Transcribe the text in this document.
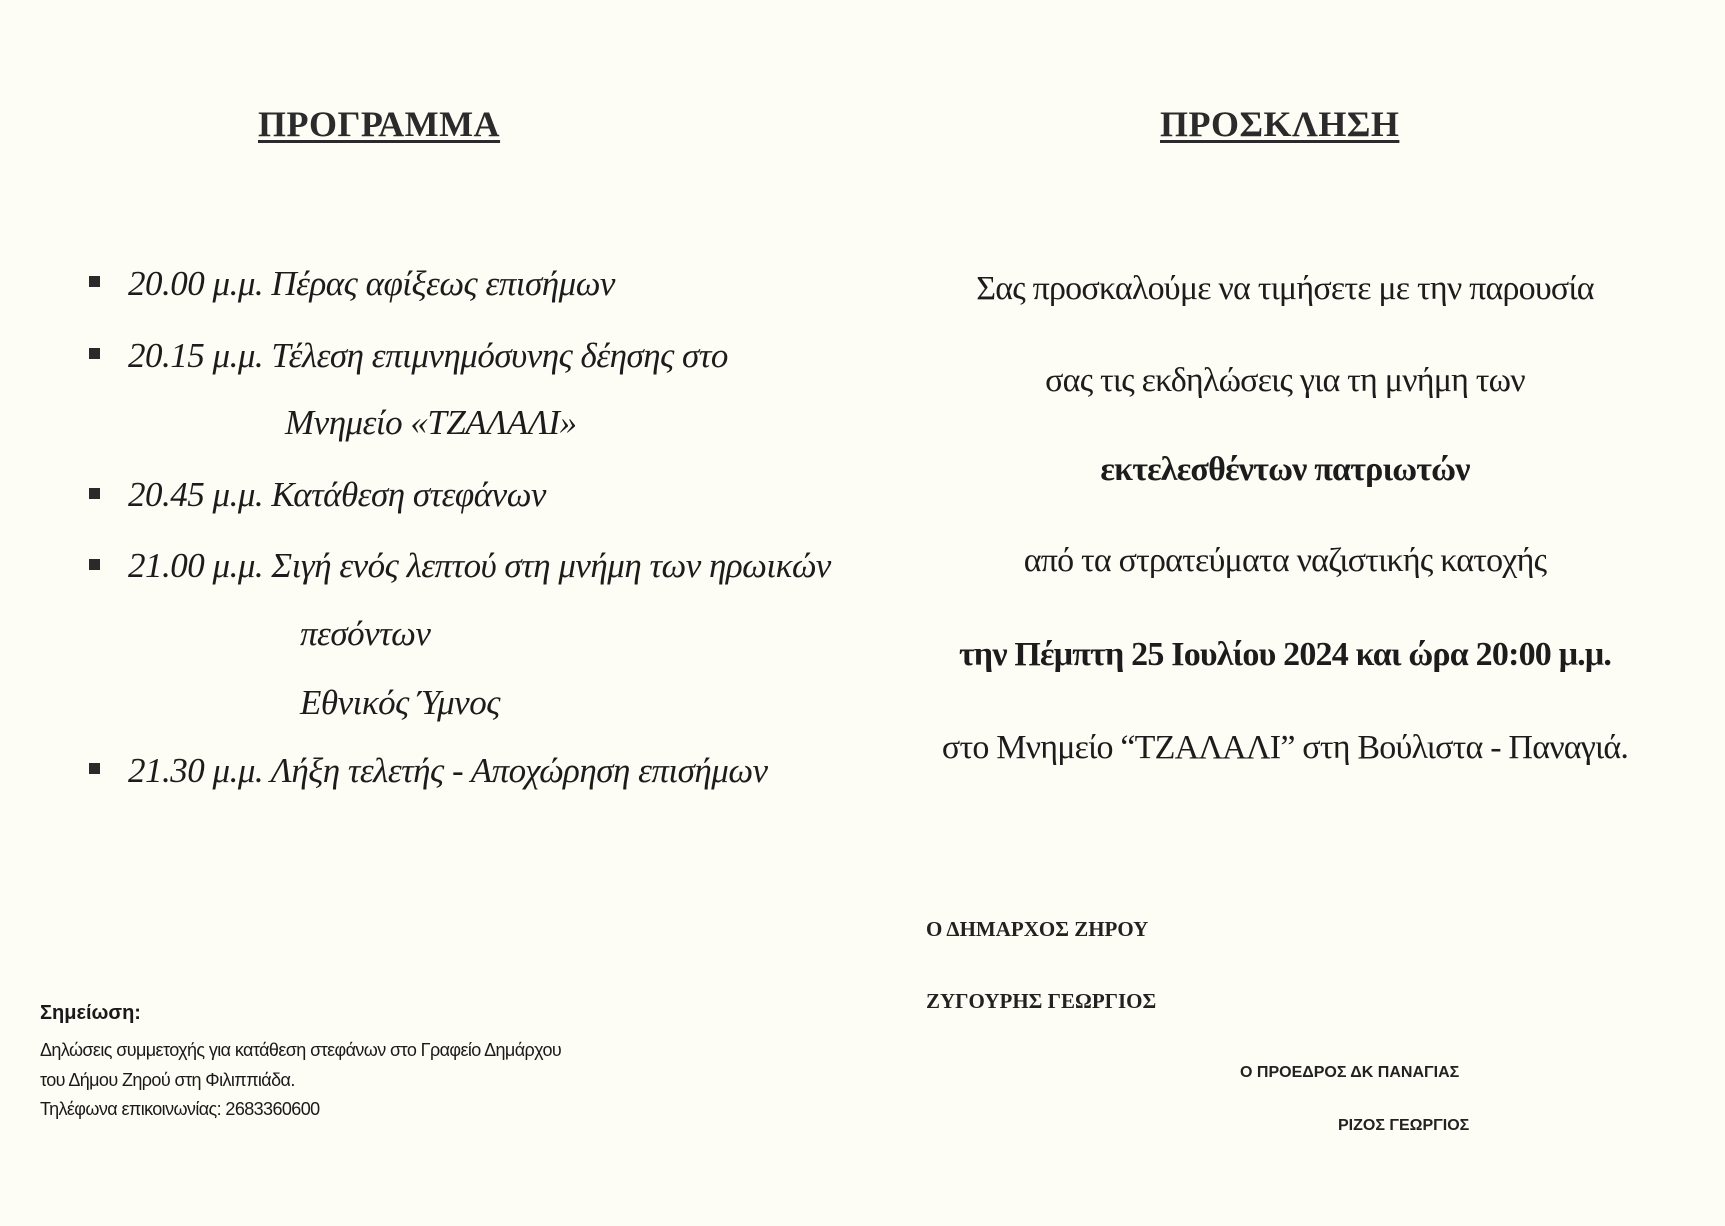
ΠΡΟΓΡΑΜΜΑ
20.00 μ.μ. Πέρας αφίξεως επισήμων
20.15 μ.μ. Τέλεση επιμνημόσυνης δέησης στο
Μνημείο «ΤΖΑΛΑΛΙ»
20.45 μ.μ. Κατάθεση στεφάνων
21.00 μ.μ. Σιγή ενός λεπτού στη μνήμη των ηρωικών
πεσόντων
Εθνικός Ύμνος
21.30 μ.μ. Λήξη τελετής - Αποχώρηση επισήμων
ΠΡΟΣΚΛΗΣΗ
Σας προσκαλούμε να τιμήσετε με την παρουσία
σας τις εκδηλώσεις για τη μνήμη των
εκτελεσθέντων πατριωτών
από τα στρατεύματα ναζιστικής κατοχής
την Πέμπτη 25 Ιουλίου 2024 και ώρα 20:00 μ.μ.
στο Μνημείο “ΤΖΑΛΑΛΙ” στη Βούλιστα - Παναγιά.
Ο ΔΗΜΑΡΧΟΣ ΖΗΡΟΥ
ΖΥΓΟΥΡΗΣ ΓΕΩΡΓΙΟΣ
Ο ΠΡΟΕΔΡΟΣ ΔΚ ΠΑΝΑΓΙΑΣ
ΡΙΖΟΣ ΓΕΩΡΓΙΟΣ
Σημείωση:
Δηλώσεις συμμετοχής για κατάθεση στεφάνων στο Γραφείο Δημάρχου
του Δήμου Ζηρού στη Φιλιππιάδα.
Τηλέφωνα επικοινωνίας: 2683360600
